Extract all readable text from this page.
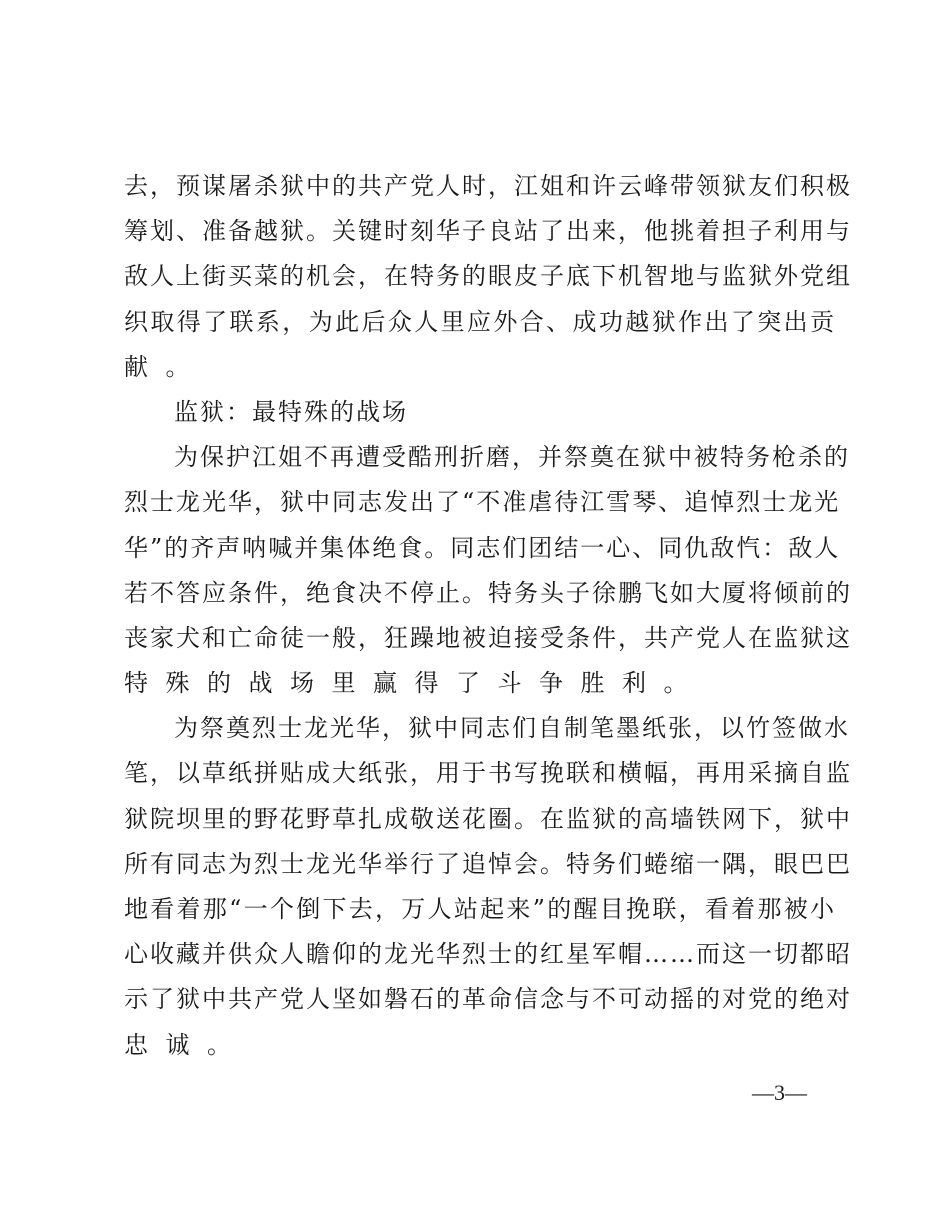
去，预谋屠杀狱中的共产党人时，江姐和许云峰带领狱友们积极
筹划、准备越狱。关键时刻华子良站了出来，他挑着担子利用与
敌人上街买菜的机会，在特务的眼皮子底下机智地与监狱外党组
织取得了联系，为此后众人里应外合、成功越狱作出了突出贡
献。
监狱：最特殊的战场
为保护江姐不再遭受酷刑折磨，并祭奠在狱中被特务枪杀的
烈士龙光华，狱中同志发出了“不准虐待江雪琴、追悼烈士龙光
华”的齐声呐喊并集体绝食。同志们团结一心、同仇敌忾：敌人
若不答应条件，绝食决不停止。特务头子徐鹏飞如大厦将倾前的
丧家犬和亡命徒一般，狂躁地被迫接受条件，共产党人在监狱这
特殊的战场里赢得了斗争胜利。
为祭奠烈士龙光华，狱中同志们自制笔墨纸张，以竹签做水
笔，以草纸拼贴成大纸张，用于书写挽联和横幅，再用采摘自监
狱院坝里的野花野草扎成敬送花圈。在监狱的高墙铁网下，狱中
所有同志为烈士龙光华举行了追悼会。特务们蜷缩一隅，眼巴巴
地看着那“一个倒下去，万人站起来”的醒目挽联，看着那被小
心收藏并供众人瞻仰的龙光华烈士的红星军帽……而这一切都昭
示了狱中共产党人坚如磐石的革命信念与不可动摇的对党的绝对
忠诚。
—3—
